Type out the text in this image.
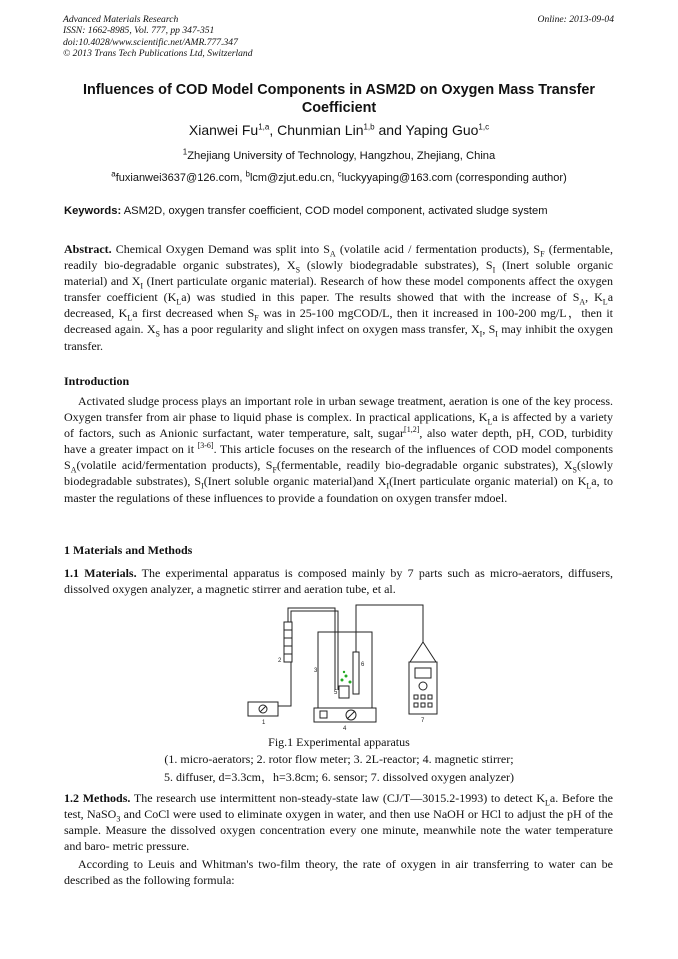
Advanced Materials Research
ISSN: 1662-8985, Vol. 777, pp 347-351
doi:10.4028/www.scientific.net/AMR.777.347
© 2013 Trans Tech Publications Ltd, Switzerland
Online: 2013-09-04
Influences of COD Model Components in ASM2D on Oxygen Mass Transfer Coefficient
Xianwei Fu$^{1,a}$, Chunmian Lin$^{1,b}$ and Yaping Guo$^{1,c}$
$^1$Zhejiang University of Technology, Hangzhou, Zhejiang, China
$^a$fuxianwei3637@126.com, $^b$lcm@zjut.edu.cn, $^c$luckyyaping@163.com (corresponding author)
Keywords: ASM2D, oxygen transfer coefficient, COD model component, activated sludge system
Abstract. Chemical Oxygen Demand was split into $S_A$ (volatile acid / fermentation products), $S_F$ (fermentable, readily bio-degradable organic substrates), $X_S$ (slowly biodegradable substrates), $S_I$ (Inert soluble organic material) and $X_I$ (Inert particulate organic material). Research of how these model components affect the oxygen transfer coefficient $(K_La)$ was studied in this paper. The results showed that with the increase of $S_A$, $K_La$ decreased, $K_La$ first decreased when $S_F$ was in 25-100 mgCOD/L, then it increased in 100-200 mg/L，then it decreased again. $X_S$ has a poor regularity and slight infect on oxygen mass transfer, $X_I$, $S_I$ may inhibit the oxygen transfer.
Introduction
Activated sludge process plays an important role in urban sewage treatment, aeration is one of the key process. Oxygen transfer from air phase to liquid phase is complex. In practical applications, $K_La$ is affected by a variety of factors, such as Anionic surfactant, water temperature, salt, sugar[1,2], also water depth, pH, COD, turbidity have a greater impact on it [3-6]. This article focuses on the research of the influences of COD model components $S_A(volatile$ acid/fermentation products), $S_F(fermentable$, readily bio-degradable organic substrates), $X_S(slowly$ biodegradable substrates), $S_I(Inert$ soluble organic material)and $X_I(Inert$ particulate organic material) on $K_La$, to master the regulations of these influences to provide a foundation on oxygen transfer mdoel.
1 Materials and Methods
1.1 Materials. The experimental apparatus is composed mainly by 7 parts such as micro-aerators, diffusers, dissolved oxygen analyzer, a magnetic stirrer and aeration tube, et al.
1
2
3
4
5
6
7
Fig.1 Experimental apparatus
(1. micro-aerators; 2. rotor flow meter; 3. 2L-reactor; 4. magnetic stirrer;
5. diffuser, d=3.3cm，h=3.8cm; 6. sensor; 7. dissolved oxygen analyzer)
1.2 Methods. The research use intermittent non-steady-state law (CJ/T—3015.2-1993) to detect $K_La$. Before the test, NaSO$_3$ and CoCl were used to eliminate oxygen in water, and then use NaOH or HCl to adjust the pH of the sample. Measure the dissolved oxygen concentration every one minute, meanwhile note the water temperature and baro- metric pressure.
According to Leuis and Whitman's two-film theory, the rate of oxygen in air transferring to water can be described as the following formula:
